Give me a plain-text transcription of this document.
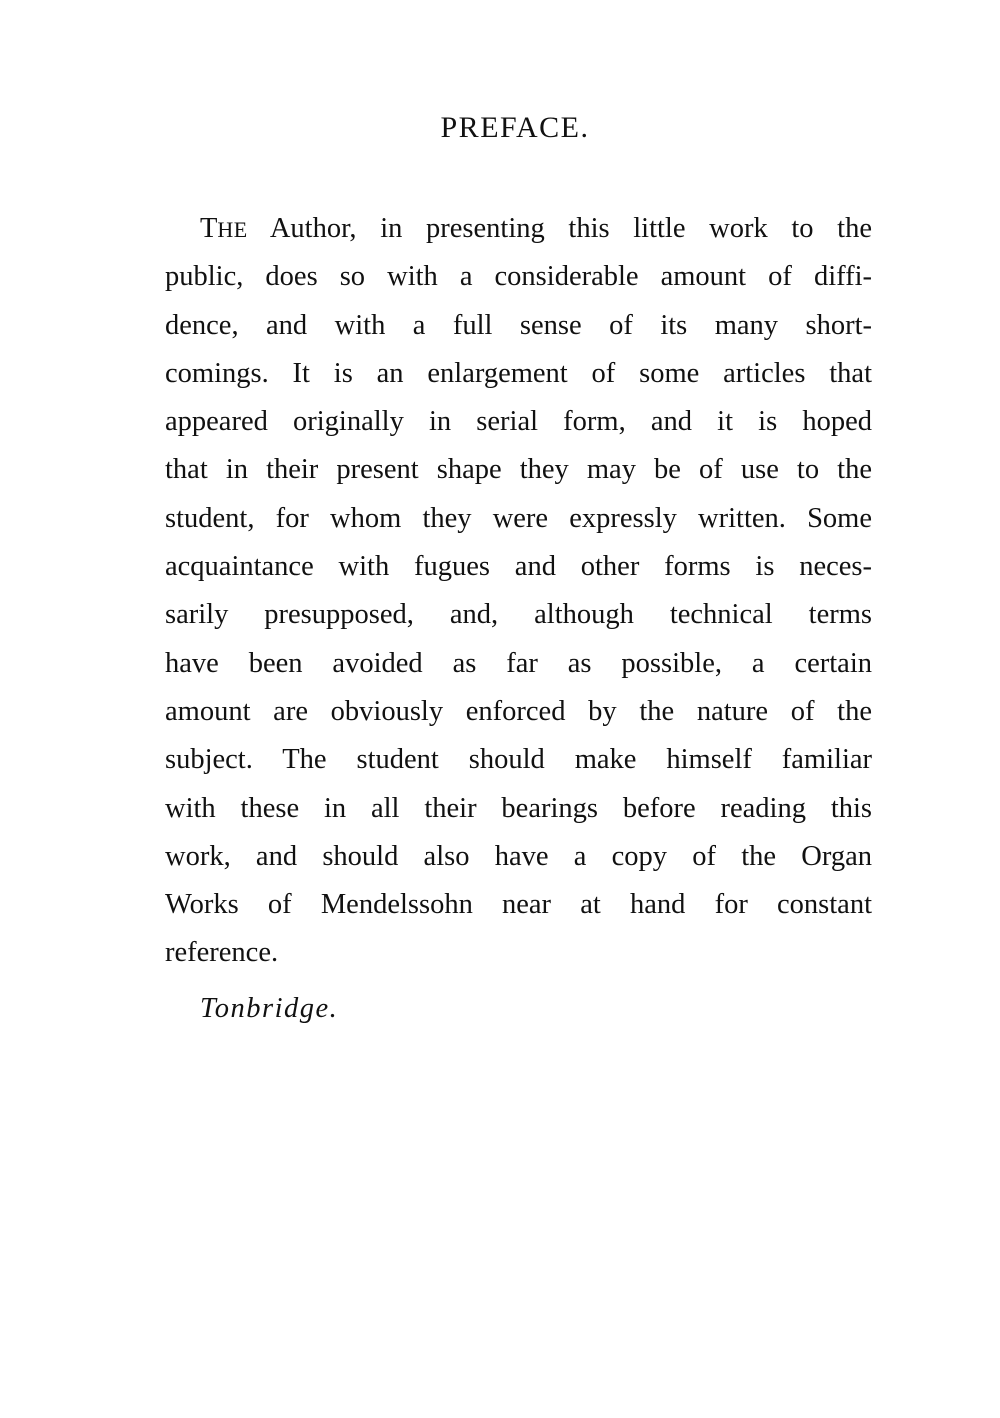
PREFACE.
THE Author, in presenting this little work to the
public, does so with a considerable amount of diffi-
dence, and with a full sense of its many short-
comings. It is an enlargement of some articles that
appeared originally in serial form, and it is hoped
that in their present shape they may be of use to the
student, for whom they were expressly written. Some
acquaintance with fugues and other forms is neces-
sarily presupposed, and, although technical terms
have been avoided as far as possible, a certain
amount are obviously enforced by the nature of the
subject. The student should make himself familiar
with these in all their bearings before reading this
work, and should also have a copy of the Organ
Works of Mendelssohn near at hand for constant
reference.
Tonbridge.
